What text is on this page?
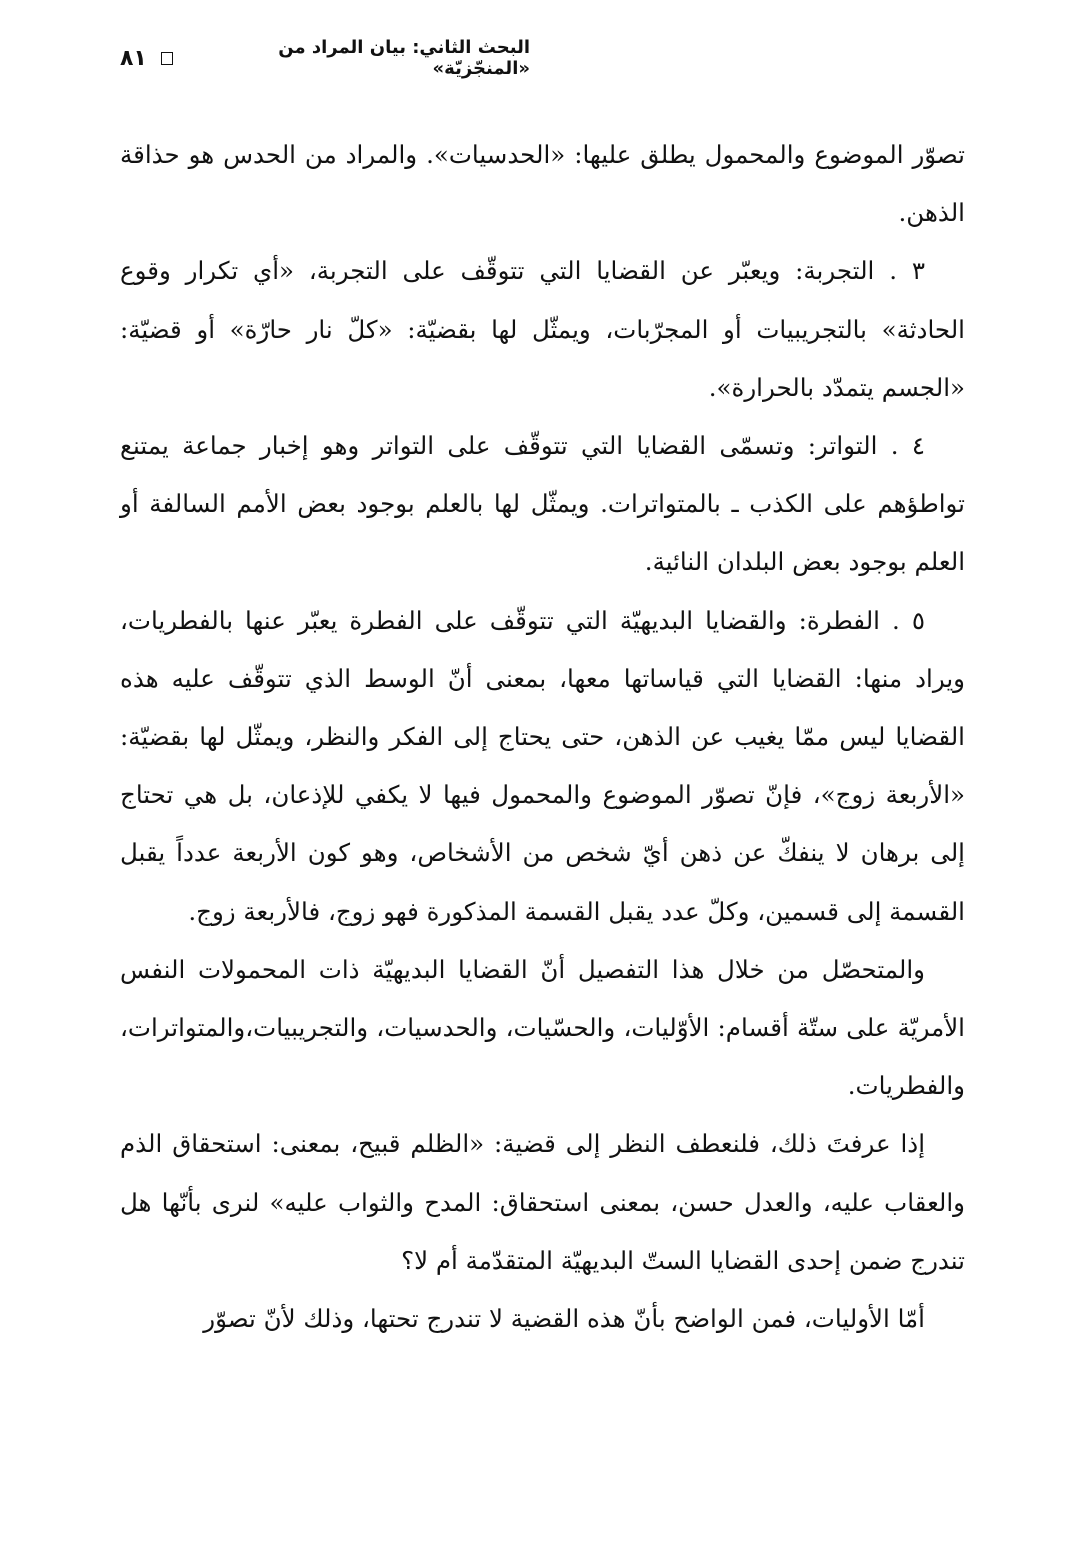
البحث الثاني: بيان المراد من «المنجّزيّة»
٨١

تصوّر الموضوع والمحمول يطلق عليها: «الحدسيات». والمراد من الحدس هو حذاقة الذهن.

٣ . التجربة: ويعبّر عن القضايا التي تتوقّف على التجربة، «أي تكرار وقوع الحادثة» بالتجريبيات أو المجرّبات، ويمثّل لها بقضيّة: «كلّ نار حارّة» أو قضيّة: «الجسم يتمدّد بالحرارة».

٤ . التواتر: وتسمّى القضايا التي تتوقّف على التواتر وهو إخبار جماعة يمتنع تواطؤهم على الكذب ـ بالمتواترات. ويمثّل لها بالعلم بوجود بعض الأمم السالفة أو العلم بوجود بعض البلدان النائية.

٥ . الفطرة: والقضايا البديهيّة التي تتوقّف على الفطرة يعبّر عنها بالفطريات، ويراد منها: القضايا التي قياساتها معها، بمعنى أنّ الوسط الذي تتوقّف عليه هذه القضايا ليس ممّا يغيب عن الذهن، حتى يحتاج إلى الفكر والنظر، ويمثّل لها بقضيّة: «الأربعة زوج»، فإنّ تصوّر الموضوع والمحمول فيها لا يكفي للإذعان، بل هي تحتاج إلى برهان لا ينفكّ عن ذهن أيّ شخص من الأشخاص، وهو كون الأربعة عدداً يقبل القسمة إلى قسمين، وكلّ عدد يقبل القسمة المذكورة فهو زوج، فالأربعة زوج.

والمتحصّل من خلال هذا التفصيل أنّ القضايا البديهيّة ذات المحمولات النفس الأمريّة على ستّة أقسام: الأوّليات، والحسّيات، والحدسيات، والتجريبيات،والمتواترات، والفطريات.

إذا عرفتَ ذلك، فلنعطف النظر إلى قضية: «الظلم قبيح، بمعنى: استحقاق الذم والعقاب عليه، والعدل حسن، بمعنى استحقاق: المدح والثواب عليه» لنرى بأنّها هل تندرج ضمن إحدى القضايا الستّ البديهيّة المتقدّمة أم لا؟

أمّا الأوليات، فمن الواضح بأنّ هذه القضية لا تندرج تحتها، وذلك لأنّ تصوّر
